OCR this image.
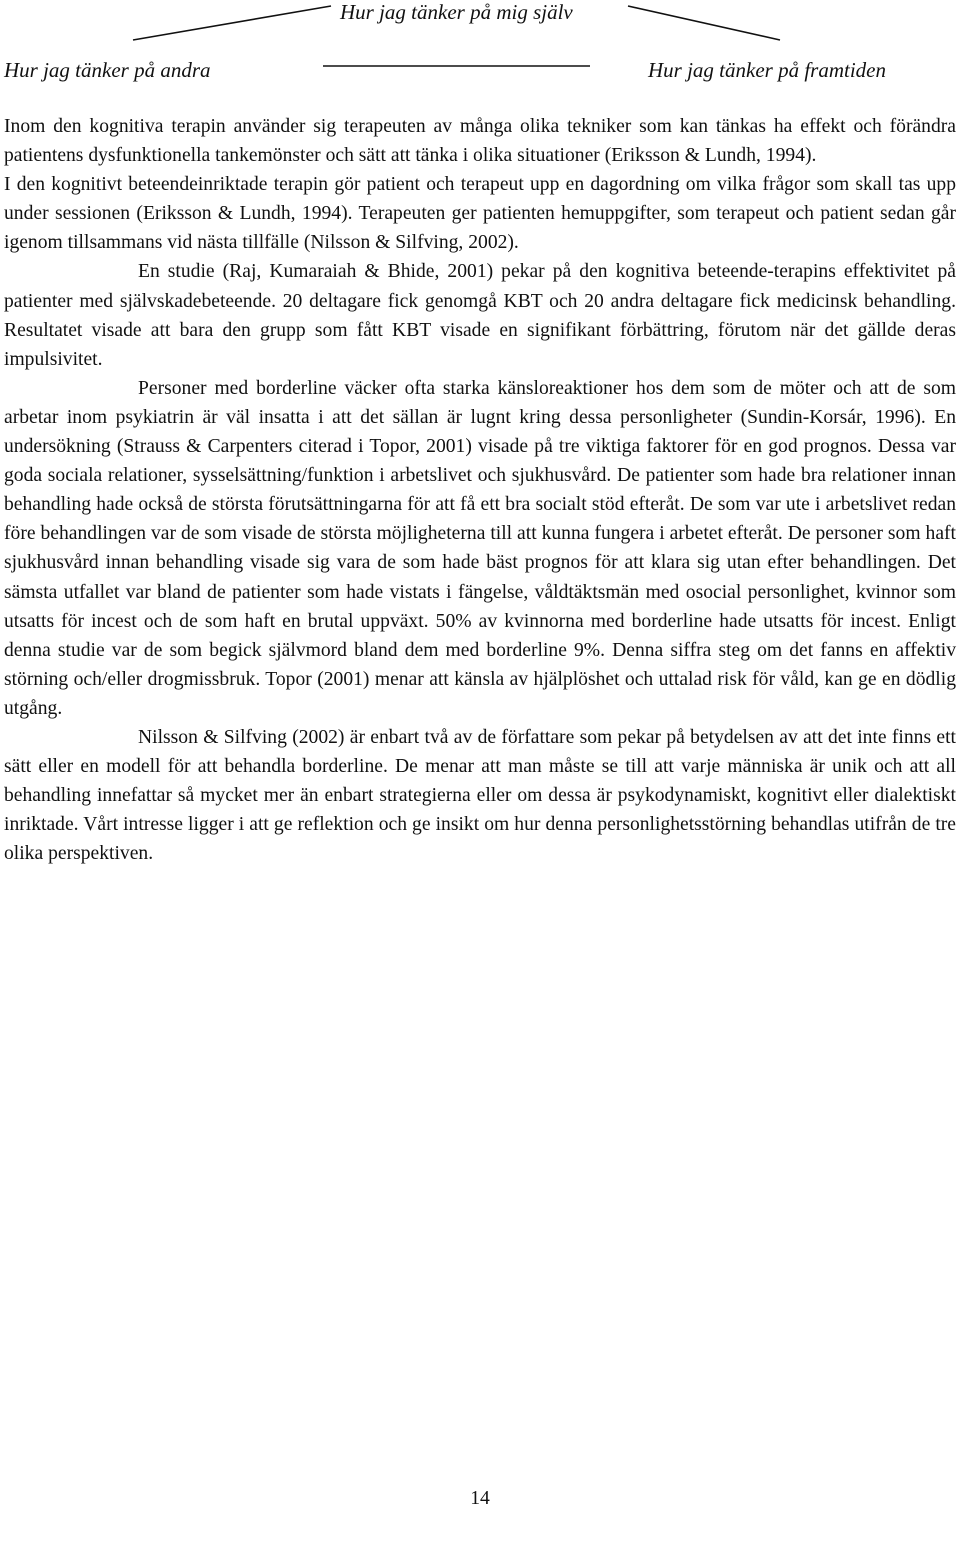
Hur jag tänker på mig själv
Hur jag tänker på andra	Hur jag tänker på framtiden

Inom den kognitiva terapin använder sig terapeuten av många olika tekniker som kan tänkas ha effekt och förändra patientens dysfunktionella tankemönster och sätt att tänka i olika situationer (Eriksson & Lundh, 1994).

I den kognitivt beteendeinriktade terapin gör patient och terapeut upp en dagordning om vilka frågor som skall tas upp under sessionen (Eriksson & Lundh, 1994). Terapeuten ger patienten hemuppgifter, som terapeut och patient sedan går igenom tillsammans vid nästa tillfälle (Nilsson & Silfving, 2002).

En studie (Raj, Kumaraiah & Bhide, 2001) pekar på den kognitiva beteende-terapins effektivitet på patienter med självskadebeteende. 20 deltagare fick genomgå KBT och 20 andra deltagare fick medicinsk behandling. Resultatet visade att bara den grupp som fått KBT visade en signifikant förbättring, förutom när det gällde deras impulsivitet.

Personer med borderline väcker ofta starka känsloreaktioner hos dem som de möter och att de som arbetar inom psykiatrin är väl insatta i att det sällan är lugnt kring dessa personligheter (Sundin-Korsár, 1996). En undersökning (Strauss & Carpenters citerad i Topor, 2001) visade på tre viktiga faktorer för en god prognos. Dessa var goda sociala relationer, sysselsättning/funktion i arbetslivet och sjukhusvård. De patienter som hade bra relationer innan behandling hade också de största förutsättningarna för att få ett bra socialt stöd efteråt. De som var ute i arbetslivet redan före behandlingen var de som visade de största möjligheterna till att kunna fungera i arbetet efteråt. De personer som haft sjukhusvård innan behandling visade sig vara de som hade bäst prognos för att klara sig utan efter behandlingen. Det sämsta utfallet var bland de patienter som hade vistats i fängelse, våldtäktsmän med osocial personlighet, kvinnor som utsatts för incest och de som haft en brutal uppväxt. 50% av kvinnorna med borderline hade utsatts för incest. Enligt denna studie var de som begick självmord bland dem med borderline 9%. Denna siffra steg om det fanns en affektiv störning och/eller drogmissbruk. Topor (2001) menar att känsla av hjälplöshet och uttalad risk för våld, kan ge en dödlig utgång.

Nilsson & Silfving (2002) är enbart två av de författare som pekar på betydelsen av att det inte finns ett sätt eller en modell för att behandla borderline. De menar att man måste se till att varje människa är unik och att all behandling innefattar så mycket mer än enbart strategierna eller om dessa är psykodynamiskt, kognitivt eller dialektiskt inriktade. Vårt intresse ligger i att ge reflektion och ge insikt om hur denna personlighetsstörning behandlas utifrån de tre olika perspektiven.

14
